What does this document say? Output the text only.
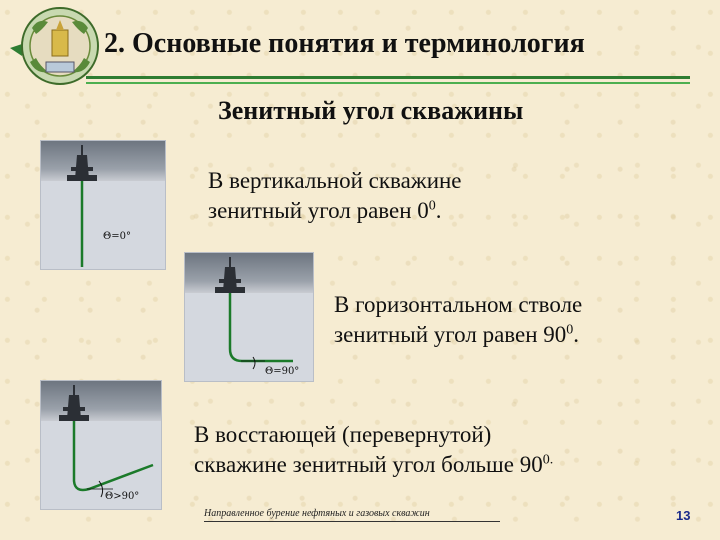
2. Основные понятия и терминология
Зенитный угол скважины
Θ=0°
В вертикальной скважине
зенитный угол равен $0^0$.
Θ=90°
В горизонтальном стволе
зенитный угол равен $90^0$.
Θ>90°
В восстающей (перевернутой)
скважине зенитный угол больше $90^{0.}$
Направленное бурение нефтяных и газовых скважин	13
